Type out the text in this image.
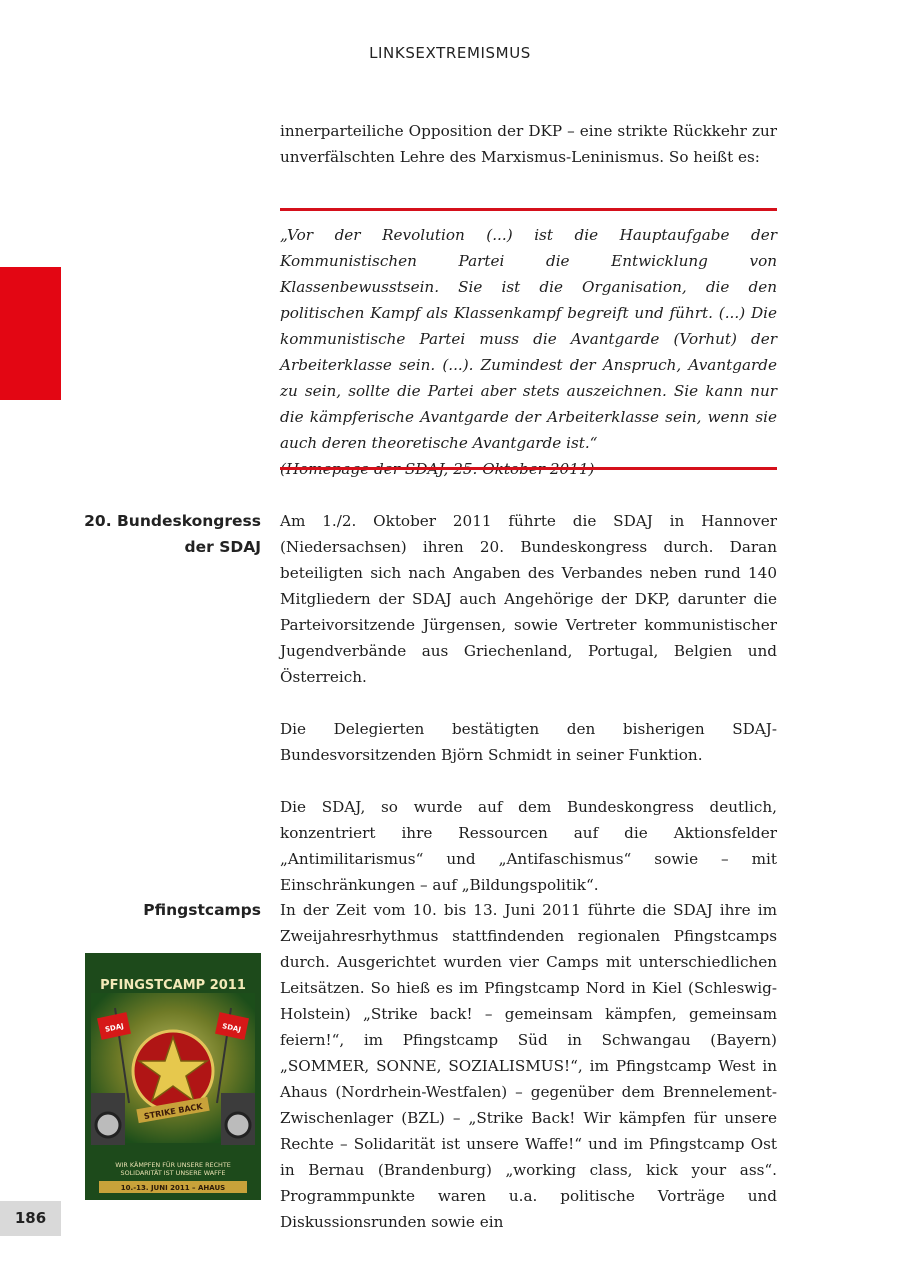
LINKSEXTREMISMUS

innerparteiliche Opposition der DKP – eine strikte Rückkehr zur unverfälschten Lehre des Marxismus-Leninismus. So heißt es:

„Vor der Revolution (...) ist die Hauptaufgabe der Kommunistischen Partei die Entwicklung von Klassenbewusstsein. Sie ist die Organisation, die den politischen Kampf als Klassenkampf begreift und führt. (...) Die kommunistische Partei muss die Avantgarde (Vorhut) der Arbeiterklasse sein. (...). Zumindest der Anspruch, Avantgarde zu sein, sollte die Partei aber stets auszeichnen. Sie kann nur die kämpferische Avantgarde der Arbeiterklasse sein, wenn sie auch deren theoretische Avantgarde ist.“
20. Bundeskongress
der SDAJ

Am 1./2. Oktober 2011 führte die SDAJ in Hannover (Niedersachsen) ihren 20. Bundeskongress durch. Daran beteiligten sich nach Angaben des Verbandes neben rund 140 Mitgliedern der SDAJ auch Angehörige der DKP, darunter die Parteivorsitzende Jürgensen, sowie Vertreter kommunistischer Jugendverbände aus Griechenland, Portugal, Belgien und Österreich.

Die Delegierten bestätigten den bisherigen SDAJ-Bundesvorsitzenden Björn Schmidt in seiner Funktion.

Die SDAJ, so wurde auf dem Bundeskongress deutlich, konzentriert ihre Ressourcen auf die Aktionsfelder „Antimilitarismus“ und „Antifaschismus“ sowie – mit Einschränkungen – auf „Bildungspolitik“.

Pfingstcamps In der Zeit vom 10. bis 13. Juni 2011 führte die SDAJ ihre im Zweijahresrhythmus stattfindenden regionalen Pfingstcamps durch. Ausgerichtet wurden vier Camps mit unterschiedlichen Leitsätzen. So hieß es im Pfingstcamp Nord in Kiel (Schleswig-Holstein) „Strike back! – gemeinsam kämpfen, gemeinsam feiern!“, im Pfingstcamp Süd in Schwangau (Bayern) „SOMMER, SONNE, SOZIALISMUS!“, im Pfingstcamp West in Ahaus (Nordrhein-Westfalen) – gegenüber dem Brennelement-Zwischenlager (BZL) – „Strike Back! Wir kämpfen für unsere Rechte – Solidarität ist unsere Waffe!“ und im Pfingstcamp Ost in Bernau (Brandenburg) „working class, kick your ass“. Programmpunkte waren u.a. politische Vorträge und Diskussionsrunden sowie ein

PFINGSTCAMP 2011
SDAJ	SDAJ
STRIKE BACK
WIR KÄMPFEN FÜR UNSERE RECHTE
SOLIDARITÄT IST UNSERE WAFFE
10.-13. JUNI 2011 – AHAUS
186
